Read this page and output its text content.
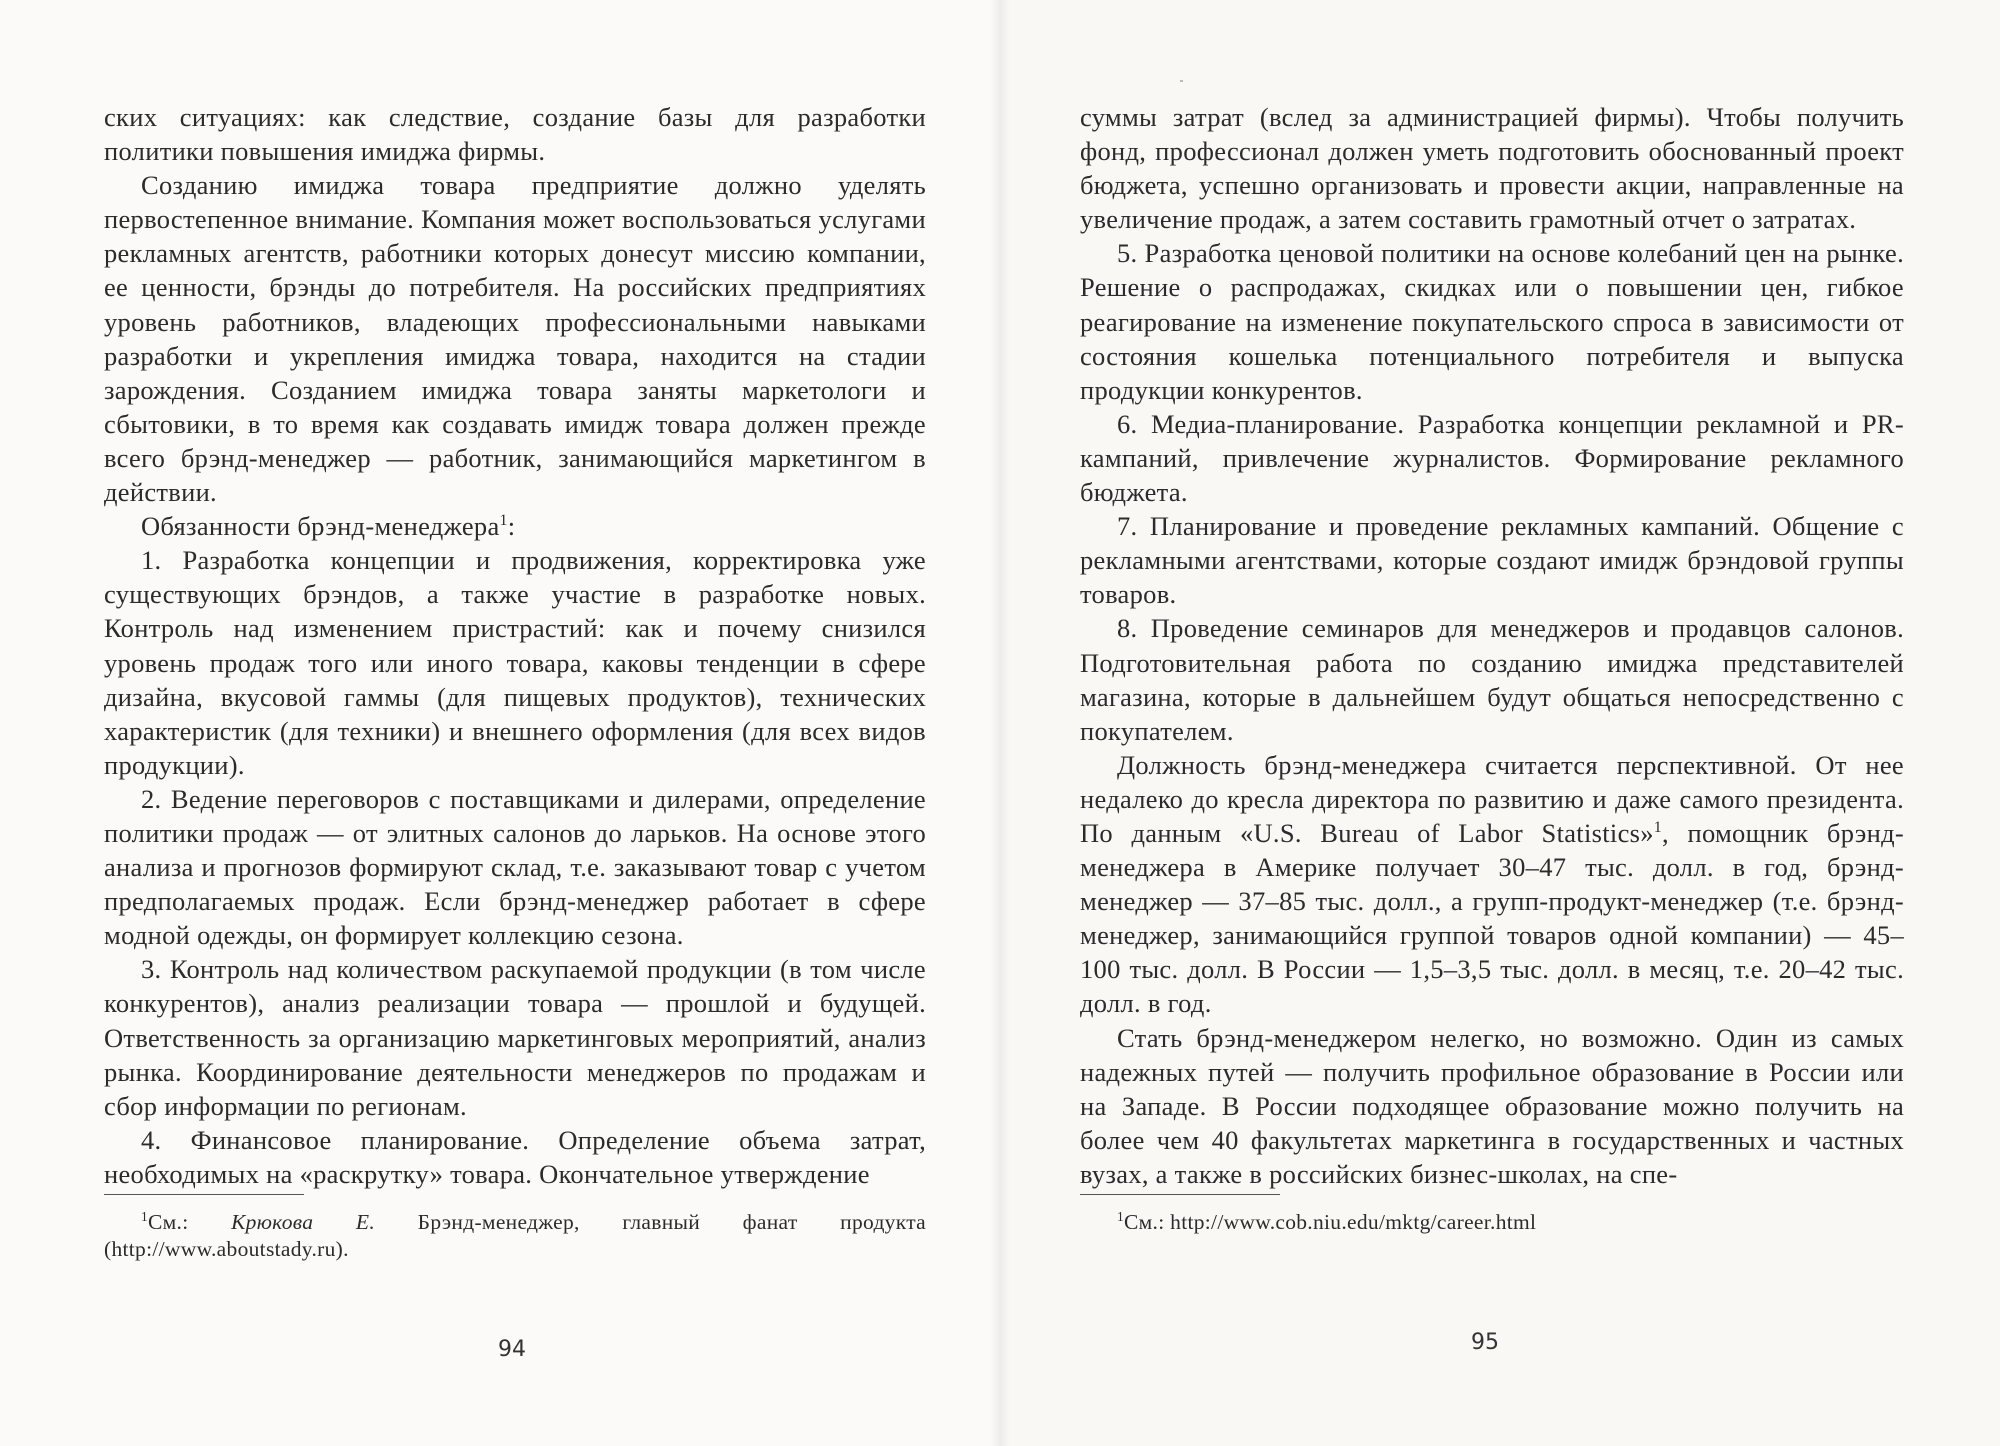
ских ситуациях: как следствие, создание базы для разработки политики повышения имиджа фирмы.

Созданию имиджа товара предприятие должно уделять первостепенное внимание. Компания может воспользоваться услугами рекламных агентств, работники которых донесут миссию компании, ее ценности, брэнды до потребителя. На российских предприятиях уровень работников, владеющих профессиональными навыками разработки и укрепления имиджа товара, находится на стадии зарождения. Созданием имиджа товара заняты маркетологи и сбытовики, в то время как создавать имидж товара должен прежде всего брэнд-менеджер — работник, занимающийся маркетингом в действии.

Обязанности брэнд-менеджера$^1$:

1. Разработка концепции и продвижения, корректировка уже существующих брэндов, а также участие в разработке новых. Контроль над изменением пристрастий: как и почему снизился уровень продаж того или иного товара, каковы тенденции в сфере дизайна, вкусовой гаммы (для пищевых продуктов), технических характеристик (для техники) и внешнего оформления (для всех видов продукции).

2. Ведение переговоров с поставщиками и дилерами, определение политики продаж — от элитных салонов до ларьков. На основе этого анализа и прогнозов формируют склад, т.е. заказывают товар с учетом предполагаемых продаж. Если брэнд-менеджер работает в сфере модной одежды, он формирует коллекцию сезона.

3. Контроль над количеством раскупаемой продукции (в том числе конкурентов), анализ реализации товара — прошлой и будущей. Ответственность за организацию маркетинговых мероприятий, анализ рынка. Координирование деятельности менеджеров по продажам и сбор информации по регионам.

4. Финансовое планирование. Определение объема затрат, необходимых на «раскрутку» товара. Окончательное утверждение

$^1$См.: Крюкова Е. Брэнд-менеджер, главный фанат продукта (http://www.aboutstady.ru).
94

суммы затрат (вслед за администрацией фирмы). Чтобы получить фонд, профессионал должен уметь подготовить обоснованный проект бюджета, успешно организовать и провести акции, направленные на увеличение продаж, а затем составить грамотный отчет о затратах.

5. Разработка ценовой политики на основе колебаний цен на рынке. Решение о распродажах, скидках или о повышении цен, гибкое реагирование на изменение покупательского спроса в зависимости от состояния кошелька потенциального потребителя и выпуска продукции конкурентов.

6. Медиа-планирование. Разработка концепции рекламной и PR-кампаний, привлечение журналистов. Формирование рекламного бюджета.

7. Планирование и проведение рекламных кампаний. Общение с рекламными агентствами, которые создают имидж брэндовой группы товаров.

8. Проведение семинаров для менеджеров и продавцов салонов. Подготовительная работа по созданию имиджа представителей магазина, которые в дальнейшем будут общаться непосредственно с покупателем.

Должность брэнд-менеджера считается перспективной. От нее недалеко до кресла директора по развитию и даже самого президента. По данным «U.S. Bureau of Labor Statistics»$^1$, помощник брэнд-менеджера в Америке получает 30–47 тыс. долл. в год, брэнд-менеджер — 37–85 тыс. долл., а групп-продукт-менеджер (т.е. брэнд-менеджер, занимающийся группой товаров одной компании) — 45–100 тыс. долл. В России — 1,5–3,5 тыс. долл. в месяц, т.е. 20–42 тыс. долл. в год.

Стать брэнд-менеджером нелегко, но возможно. Один из самых надежных путей — получить профильное образование в России или на Западе. В России подходящее образование можно получить на более чем 40 факультетах маркетинга в государственных и частных вузах, а также в российских бизнес-школах, на спе-

$^1$См.: http://www.cob.niu.edu/mktg/career.html
95
